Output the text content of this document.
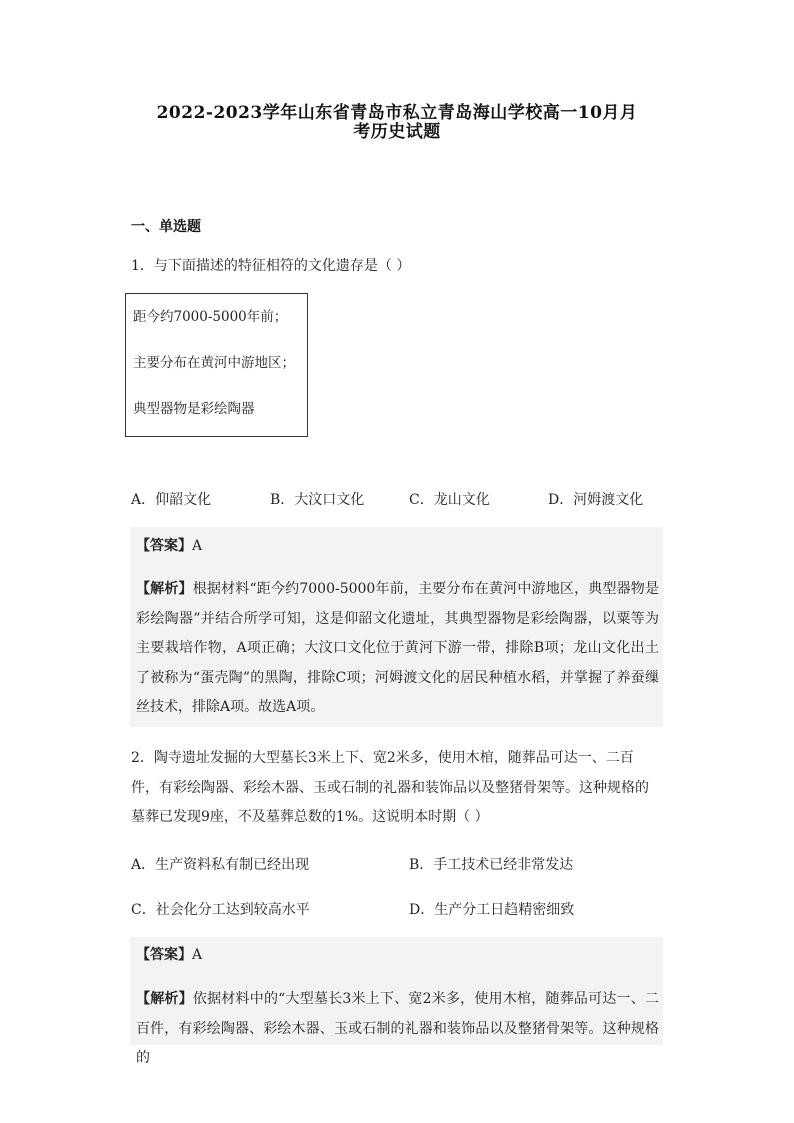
2022-2023学年山东省青岛市私立青岛海山学校高一10月月
考历史试题
一、单选题
1．与下面描述的特征相符的文化遗存是（ ）
距今约7000-5000年前；
主要分布在黄河中游地区；
典型器物是彩绘陶器
A．仰韶文化	B．大汶口文化	C．龙山文化	D．河姆渡文化
【答案】A
【解析】根据材料“距今约7000-5000年前，主要分布在黄河中游地区，典型器物是彩绘陶器”并结合所学可知，这是仰韶文化遗址，其典型器物是彩绘陶器，以粟等为主要栽培作物，A项正确；大汶口文化位于黄河下游一带，排除B项；龙山文化出土了被称为“蛋壳陶”的黑陶，排除C项；河姆渡文化的居民种植水稻，并掌握了养蚕缫丝技术，排除A项。故选A项。
2．陶寺遗址发掘的大型墓长3米上下、宽2米多，使用木棺，随葬品可达一、二百件，有彩绘陶器、彩绘木器、玉或石制的礼器和装饰品以及整猪骨架等。这种规格的墓葬已发现9座，不及墓葬总数的1%。这说明本时期（ ）
A．生产资料私有制已经出现	B．手工技术已经非常发达
C．社会化分工达到较高水平	D．生产分工日趋精密细致
【答案】A
【解析】依据材料中的“大型墓长3米上下、宽2米多，使用木棺，随葬品可达一、二百件，有彩绘陶器、彩绘木器、玉或石制的礼器和装饰品以及整猪骨架等。这种规格的
